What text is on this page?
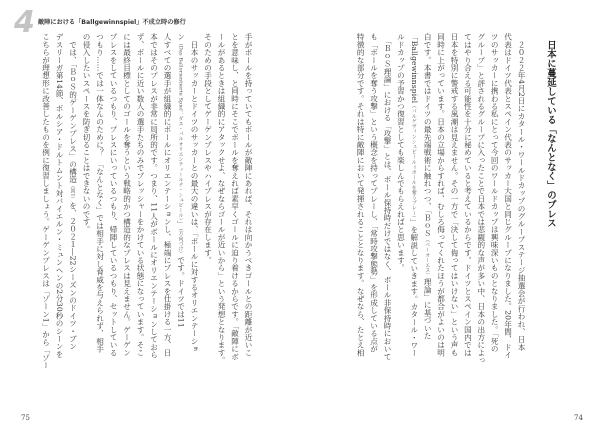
4 敵陣における「Ballgewinnspiel」不成立時の修行
手がボールを持っていてもボールが敵陣にあれば、それは向かうべきゴールとの距離が近いこ
とを意味し、と同時にそこでボールを奪えれば素早くゴールに迫り着けるからです。「敵陣にボ
ールがあるときは組織的にアタックせよ、なぜならゴールが近いから」という発想となります。
そのための手段としてゲーゲンプレスやハイプレスが存在します。
　日本のサッカーとドイツのサッカーとの最大の違いは、「ボールに対するオリエンテーショ
ン（Das Ballorientierte Spiel：ダス・バルオリエンティールテ・シュピール）」（方向づけ）です。ドイツでは11
人すべての選手が組織的にボールにオリエンテーションし、極端にプレスを仕掛ける一方、日
本ではそのプレスが非常に局所的です。つまり、11人がボールにオリエンテーションしておら
ず、ボールに近い数人の選手たちのみでプレッシャーをかけている状態になっています。そこ
には最終目標としてのゴールを奪うという戦略的かつ構造的なプレスは見えません。ゲーゲン
プレスをしているつもり、プレスにいっているつもり、帰陣しているつもり、セットしている
つもり……では一体なんのために？　「なんとなく」では相手に対し脅威を与えられず、相手
の侵入したいスペースを防ぎ切ることはできないのです。
　では、「ＢｏＳ的ゲーゲンプレス」の構造（図1）を、２０２１―22シーズンのドイツ・ブン
デスリーガ第14節、ボルシア・ドルトムント対バイエルン・ミュンヘンの2分30秒のシーンを
こちらが理想形に改善したものを例に復習しましょう。ゲーゲンプレスは「ゾーン1」から「ゾー
75
日本に蔓延している「なんとなく」のプレス
　２０２２年4月2日にカタール・ワールドカップのグループステージ抽選会が行われ、日本
代表はドイツ代表とスペイン代表のサッカー大国と同じグループになりました。20年間、ドイ
ツのサッカーに携わる私にとって今回のワールドカップは興味深いものとなりました。「死の
グループ」と評されるグループに入ったことで日本では悲観的な声が多い中、日本の出方によっ
てはやり合える可能性を十分に秘めていると考えているからです。ドイツとスペイン国内では
日本を特別に警戒する風潮は見えません。その一方で「決して侮ってはいけない」という声も
同時に上がっています。日本の立場からすれば、むしろ侮ってくれたほうが都合がよいのは明
白です。本書ではドイツの最先端戦術に触れつつ、「ＢｏＳ（ベーオーエス）理論」に基づいた
「Ballgewinnspiel（バルゲヴィンシュピール＝ボールを奪うプレー）」を解説していきます。カタール・ワー
ルドカップの予習かつ復習としても楽しんでもらえればと思います。
　「ＢｏＳ理論」における「攻撃」とは、ボール保持時だけではなく、ボール非保持時において
も「ボールを奪う攻撃」という概念を持ってプレーし、「常時攻撃態勢」を形成している点が
特徴的な部分です。それは特に敵陣において発揮されることとなります。なぜなら、たとえ相
74
